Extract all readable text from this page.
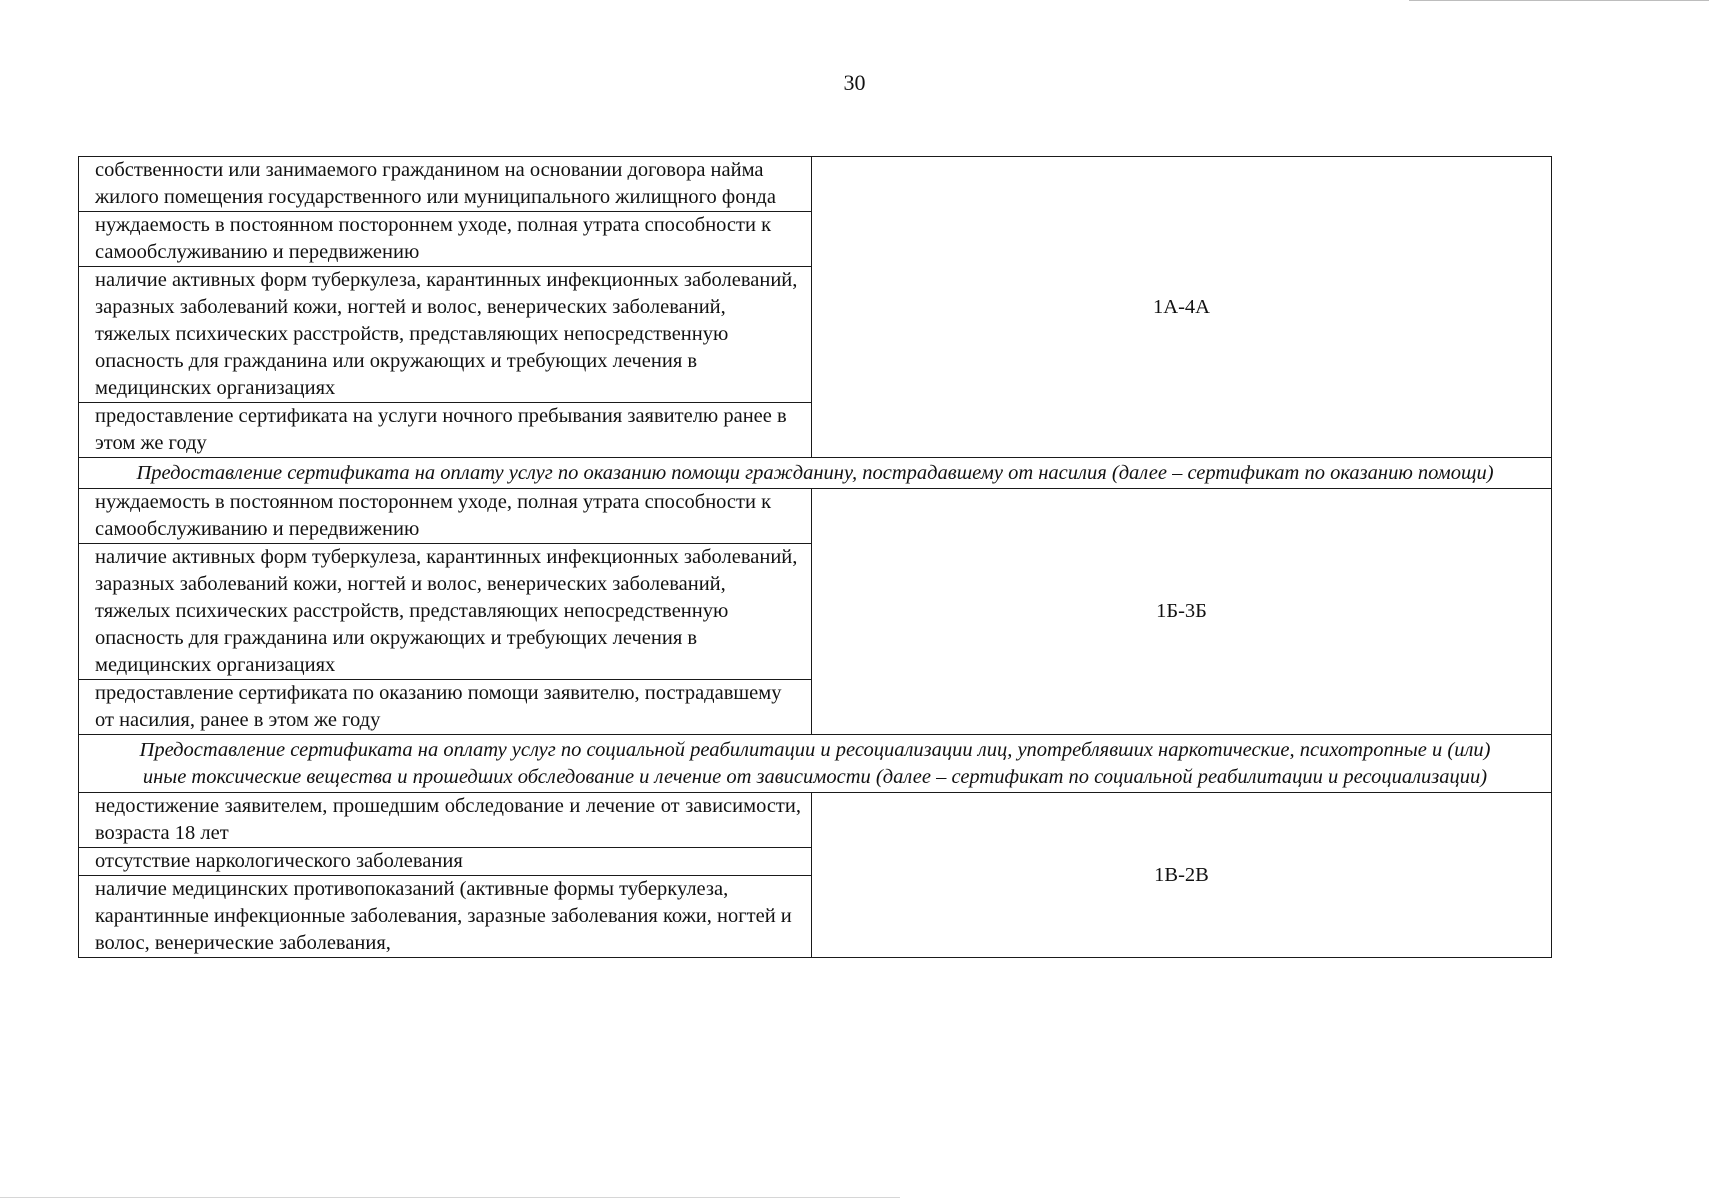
30
собственности или занимаемого гражданином на основании договора найма жилого помещения государственного или муниципального жилищного фонда	1А-4А
нуждаемость в постоянном постороннем уходе, полная утрата способности к самообслуживанию и передвижению	
наличие активных форм туберкулеза, карантинных инфекционных заболеваний, заразных заболеваний кожи, ногтей и волос, венерических заболеваний, тяжелых психических расстройств, представляющих непосредственную опасность для гражданина или окружающих и требующих лечения в медицинских организациях	
предоставление сертификата на услуги ночного пребывания заявителю ранее в этом же году	
Предоставление сертификата на оплату услуг по оказанию помощи гражданину, пострадавшему от насилия (далее – сертификат по оказанию помощи)	
нуждаемость в постоянном постороннем уходе, полная утрата способности к самообслуживанию и передвижению	1Б-3Б
наличие активных форм туберкулеза, карантинных инфекционных заболеваний, заразных заболеваний кожи, ногтей и волос, венерических заболеваний, тяжелых психических расстройств, представляющих непосредственную опасность для гражданина или окружающих и требующих лечения в медицинских организациях	
предоставление сертификата по оказанию помощи заявителю, пострадавшему от насилия, ранее в этом же году	
Предоставление сертификата на оплату услуг по социальной реабилитации и ресоциализации лиц, употреблявших наркотические, психотропные и (или) иные токсические вещества и прошедших обследование и лечение от зависимости (далее – сертификат по социальной реабилитации и ресоциализации)	
недостижение заявителем, прошедшим обследование и лечение от зависимости, возраста 18 лет	1В-2В
отсутствие наркологического заболевания	
наличие медицинских противопоказаний (активные формы туберкулеза, карантинные инфекционные заболевания, заразные заболевания кожи, ногтей и волос, венерические заболевания,	
